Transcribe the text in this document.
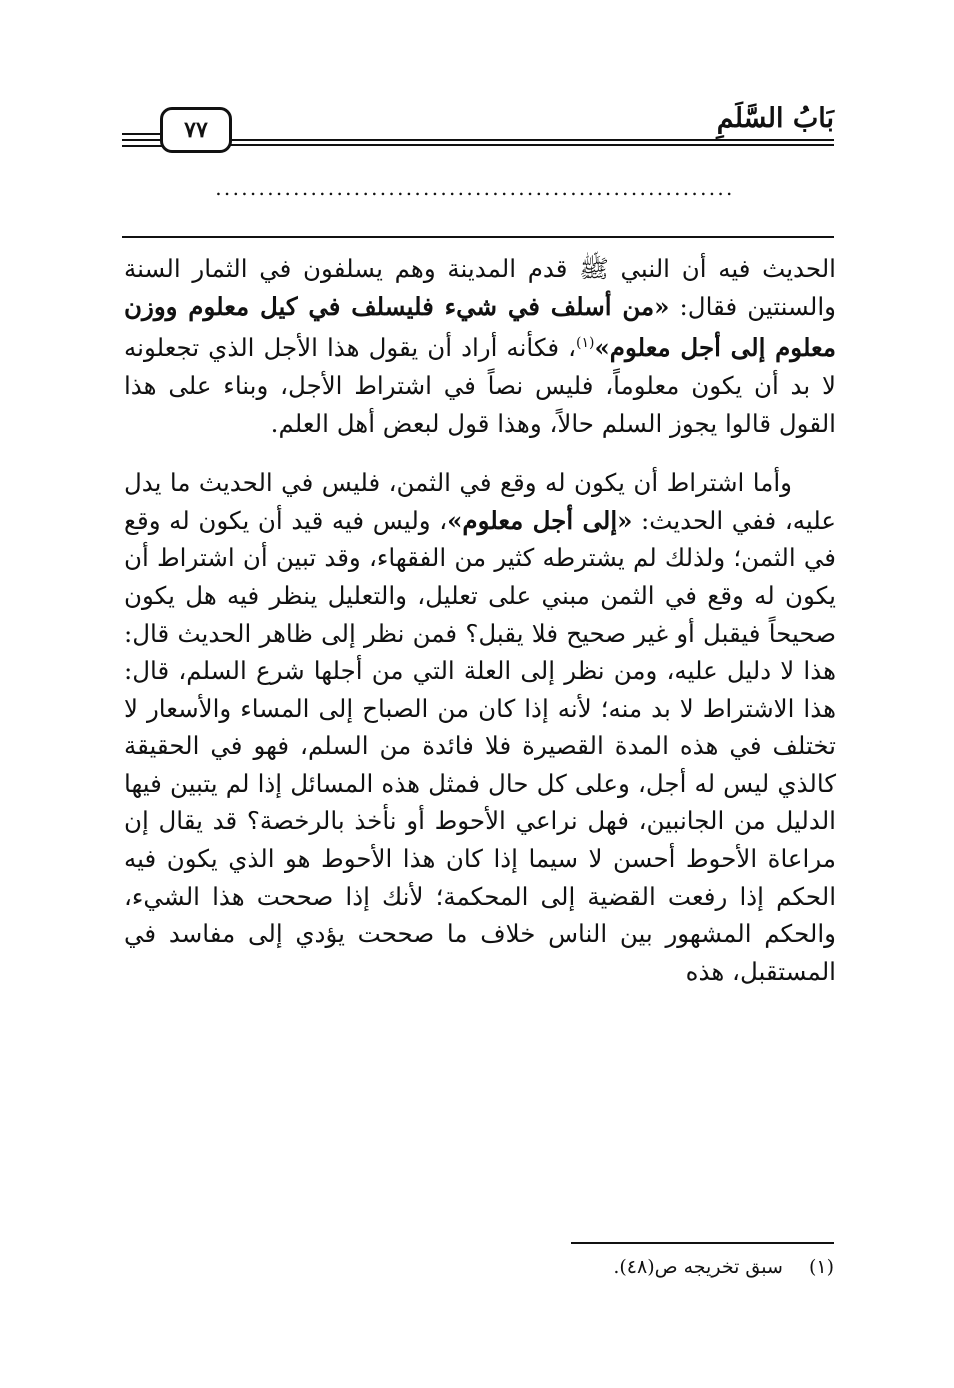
بَابُ السَّلَمِ
٧٧
............................................................

الحديث فيه أن النبي ﷺ قدم المدينة وهم يسلفون في الثمار السنة والسنتين فقال: «من أسلف في شيء فليسلف في كيل معلوم ووزن معلوم إلى أجل معلوم»$^{(١)}$، فكأنه أراد أن يقول هذا الأجل الذي تجعلونه لا بد أن يكون معلوماً، فليس نصاً في اشتراط الأجل، وبناء على هذا القول قالوا يجوز السلم حالاً، وهذا قول لبعض أهل العلم.

وأما اشتراط أن يكون له وقع في الثمن، فليس في الحديث ما يدل عليه، ففي الحديث: «إلى أجل معلوم»، وليس فيه قيد أن يكون له وقع في الثمن؛ ولذلك لم يشترطه كثير من الفقهاء، وقد تبين أن اشتراط أن يكون له وقع في الثمن مبني على تعليل، والتعليل ينظر فيه هل يكون صحيحاً فيقبل أو غير صحيح فلا يقبل؟ فمن نظر إلى ظاهر الحديث قال: هذا لا دليل عليه، ومن نظر إلى العلة التي من أجلها شرع السلم، قال: هذا الاشتراط لا بد منه؛ لأنه إذا كان من الصباح إلى المساء والأسعار لا تختلف في هذه المدة القصيرة فلا فائدة من السلم، فهو في الحقيقة كالذي ليس له أجل، وعلى كل حال فمثل هذه المسائل إذا لم يتبين فيها الدليل من الجانبين، فهل نراعي الأحوط أو نأخذ بالرخصة؟ قد يقال إن مراعاة الأحوط أحسن لا سيما إذا كان هذا الأحوط هو الذي يكون فيه الحكم إذا رفعت القضية إلى المحكمة؛ لأنك إذا صححت هذا الشيء، والحكم المشهور بين الناس خلاف ما صححت يؤدي إلى مفاسد في المستقبل، هذه

(١)سبق تخريجه ص(٤٨).
